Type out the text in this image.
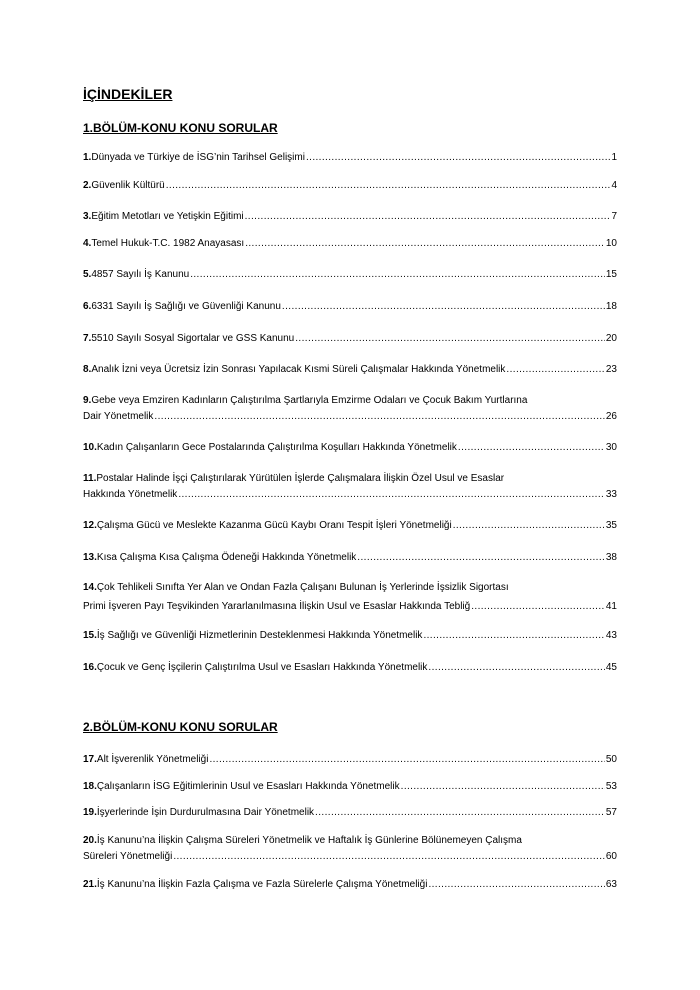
İÇİNDEKİLER
1.BÖLÜM-KONU KONU SORULAR
1.Dünyada ve Türkiye de İSG’nin Tarihsel Gelişimi .....	1
2.Güvenlik Kültürü .....	4
3.Eğitim Metotları ve Yetişkin Eğitimi .....	7
4.Temel Hukuk-T.C. 1982 Anayasası .....	10
5.4857 Sayılı İş Kanunu .....	15
6.6331 Sayılı İş Sağlığı ve Güvenliği Kanunu .....	18
7.5510 Sayılı Sosyal Sigortalar ve GSS Kanunu .....	20
8.Analık İzni veya Ücretsiz İzin Sonrası Yapılacak Kısmi Süreli Çalışmalar Hakkında Yönetmelik .....	23
9.Gebe veya Emziren Kadınların Çalıştırılma Şartlarıyla Emzirme Odaları ve Çocuk Bakım Yurtlarına
Dair Yönetmelik .....	26
10.Kadın Çalışanların Gece Postalarında Çalıştırılma Koşulları Hakkında Yönetmelik .....	30
11.Postalar Halinde İşçi Çalıştırılarak Yürütülen İşlerde Çalışmalara İlişkin Özel Usul ve Esaslar
Hakkında Yönetmelik .....	33
12.Çalışma Gücü ve Meslekte Kazanma Gücü Kaybı Oranı Tespit İşleri Yönetmeliği .....	35
13.Kısa Çalışma Kısa Çalışma Ödeneği Hakkında Yönetmelik .....	38
14.Çok Tehlikeli Sınıfta Yer Alan ve Ondan Fazla Çalışanı Bulunan İş Yerlerinde İşsizlik Sigortası
Primi İşveren Payı Teşvikinden Yararlanılmasına İlişkin Usul ve Esaslar Hakkında Tebliğ .....	41
15.İş Sağlığı ve Güvenliği Hizmetlerinin Desteklenmesi Hakkında Yönetmelik .....	43
16.Çocuk ve Genç İşçilerin Çalıştırılma Usul ve Esasları Hakkında Yönetmelik .....	45
2.BÖLÜM-KONU KONU SORULAR
17.Alt İşverenlik Yönetmeliği .....	50
18.Çalışanların İSG Eğitimlerinin Usul ve Esasları Hakkında Yönetmelik .....	53
19.İşyerlerinde İşin Durdurulmasına Dair Yönetmelik .....	57
20.İş Kanunu’na İlişkin Çalışma Süreleri Yönetmelik ve Haftalık İş Günlerine Bölünemeyen Çalışma
Süreleri Yönetmeliği .....	60
21.İş Kanunu’na İlişkin Fazla Çalışma ve Fazla Sürelerle Çalışma Yönetmeliği .....	63
